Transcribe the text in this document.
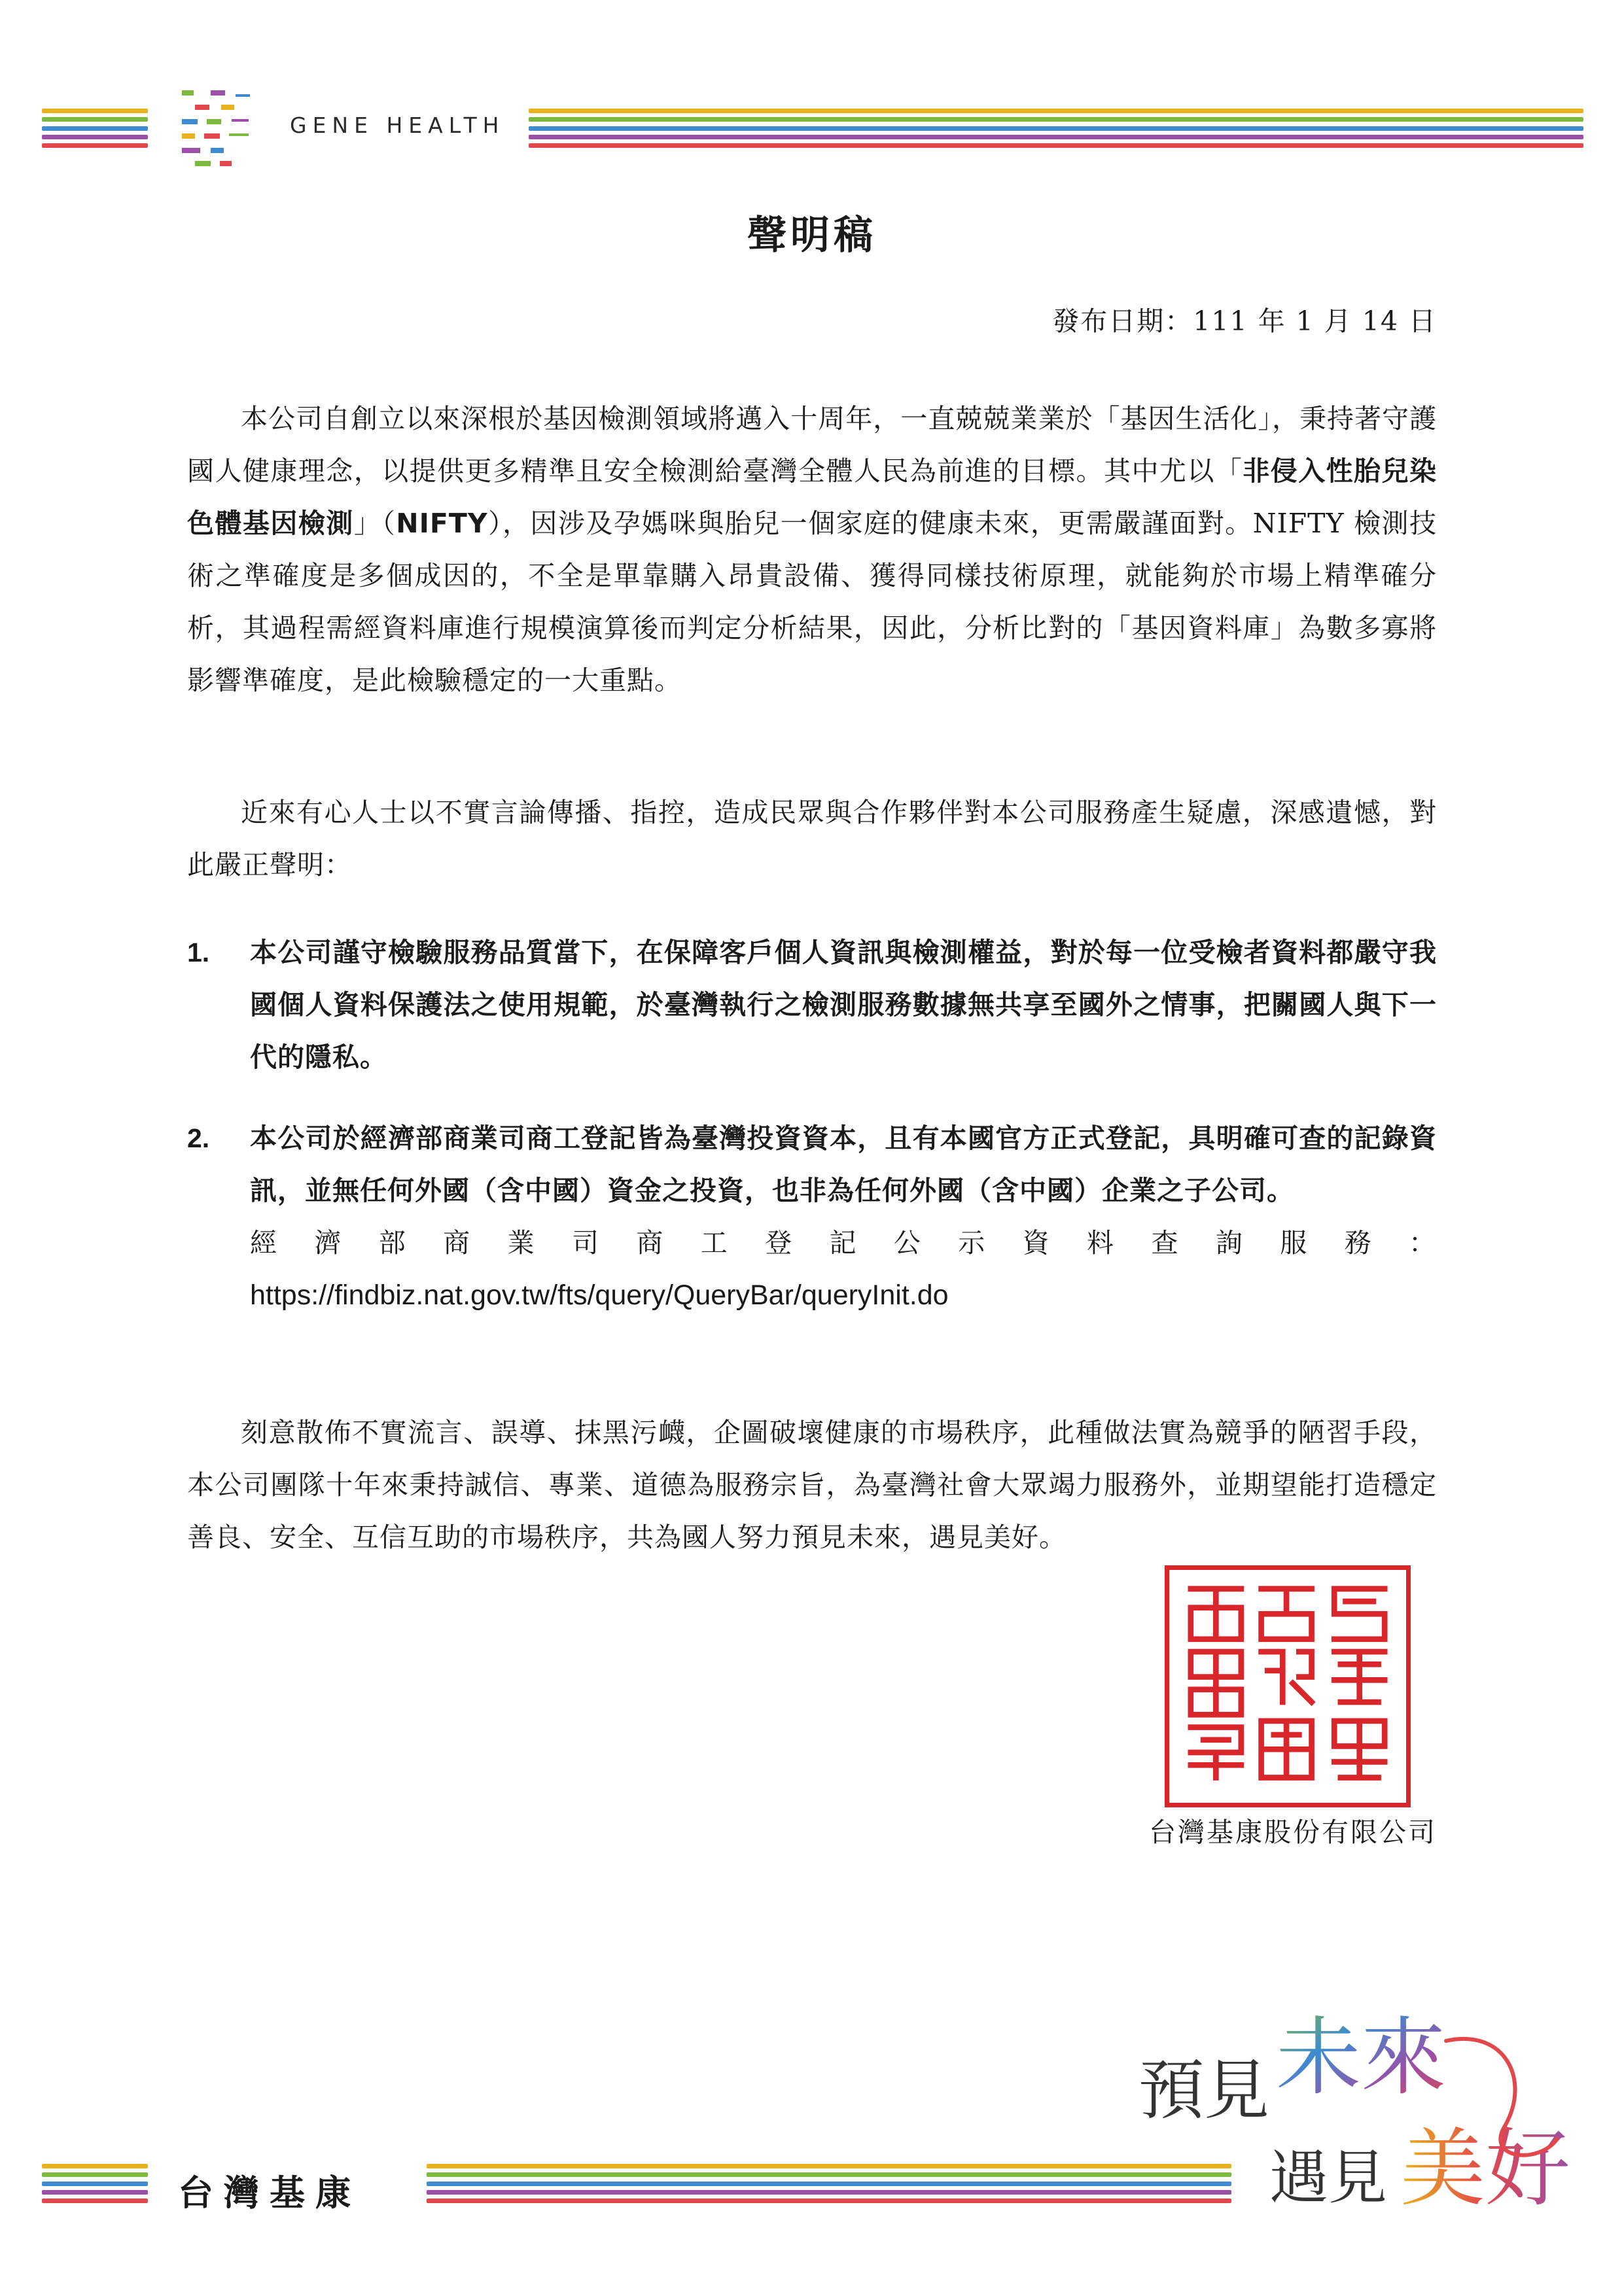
GENE HEALTH
聲明稿
發布日期：111 年 1 月 14 日

本公司自創立以來深根於基因檢測領域將邁入十周年，一直兢兢業業於「基因生活化」，秉持著守護國人健康理念，以提供更多精準且安全檢測給臺灣全體人民為前進的目標。其中尤以「非侵入性胎兒染色體基因檢測」（NIFTY），因涉及孕媽咪與胎兒一個家庭的健康未來，更需嚴謹面對。NIFTY 檢測技術之準確度是多個成因的，不全是單靠購入昂貴設備、獲得同樣技術原理，就能夠於市場上精準確分析，其過程需經資料庫進行規模演算後而判定分析結果，因此，分析比對的「基因資料庫」為數多寡將影響準確度，是此檢驗穩定的一大重點。

近來有心人士以不實言論傳播、指控，造成民眾與合作夥伴對本公司服務產生疑慮，深感遺憾，對此嚴正聲明：

1. 本公司謹守檢驗服務品質當下，在保障客戶個人資訊與檢測權益，對於每一位受檢者資料都嚴守我國個人資料保護法之使用規範，於臺灣執行之檢測服務數據無共享至國外之情事，把關國人與下一代的隱私。
2. 本公司於經濟部商業司商工登記皆為臺灣投資資本，且有本國官方正式登記，具明確可查的記錄資訊，並無任何外國（含中國）資金之投資，也非為任何外國（含中國）企業之子公司。
經濟部商業司商工登記公示資料查詢服務：
https://findbiz.nat.gov.tw/fts/query/QueryBar/queryInit.do

刻意散佈不實流言、誤導、抹黑污衊，企圖破壞健康的市場秩序，此種做法實為競爭的陋習手段，本公司團隊十年來秉持誠信、專業、道德為服務宗旨，為臺灣社會大眾竭力服務外，並期望能打造穩定善良、安全、互信互助的市場秩序，共為國人努力預見未來，遇見美好。

台灣基康股份有限公司
台灣基康
預見 未來
遇見 美好
